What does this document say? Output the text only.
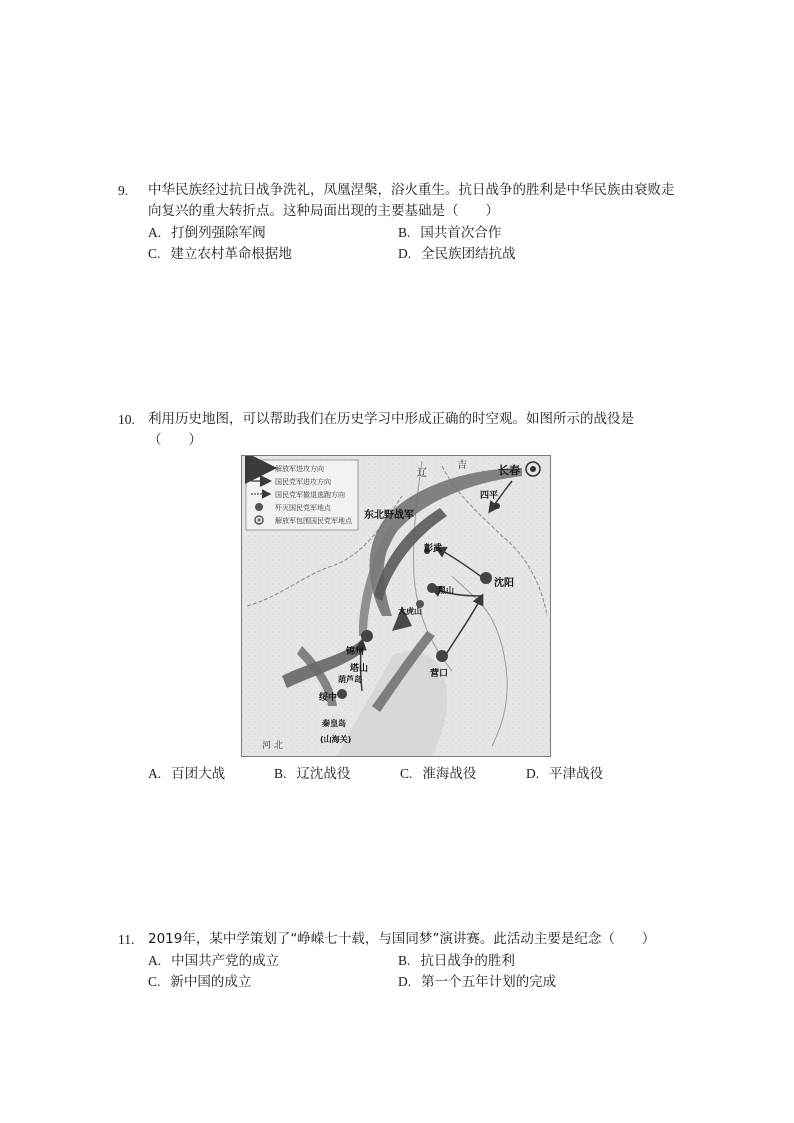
9. 中华民族经过抗日战争洗礼，凤凰涅槃，浴火重生。抗日战争的胜利是中华民族由衰败走向复兴的重大转折点。这种局面出现的主要基础是（　　）
A. 打倒列强除军阀	B. 国共首次合作
C. 建立农村革命根据地	D. 全民族团结抗战
10. 利用历史地图，可以帮助我们在历史学习中形成正确的时空观。如图所示的战役是（　　）
解放军进攻方向
国民党军进攻方向
国民党军撤退逃跑方向
歼灭国民党军地点
解放军包围国民党军地点
长春
四平
东北野战军
彰武
沈阳
黑山
大虎山
锦州
塔山	营口
葫芦岛
绥中
秦皇岛
(山海关)
辽
吉
河 北
A. 百团大战	B. 辽沈战役	C. 淮海战役	D. 平津战役
11. 2019年，某中学策划了“峥嵘七十载，与国同梦”演讲赛。此活动主要是纪念（　　）
A. 中国共产党的成立	B. 抗日战争的胜利
C. 新中国的成立	D. 第一个五年计划的完成
